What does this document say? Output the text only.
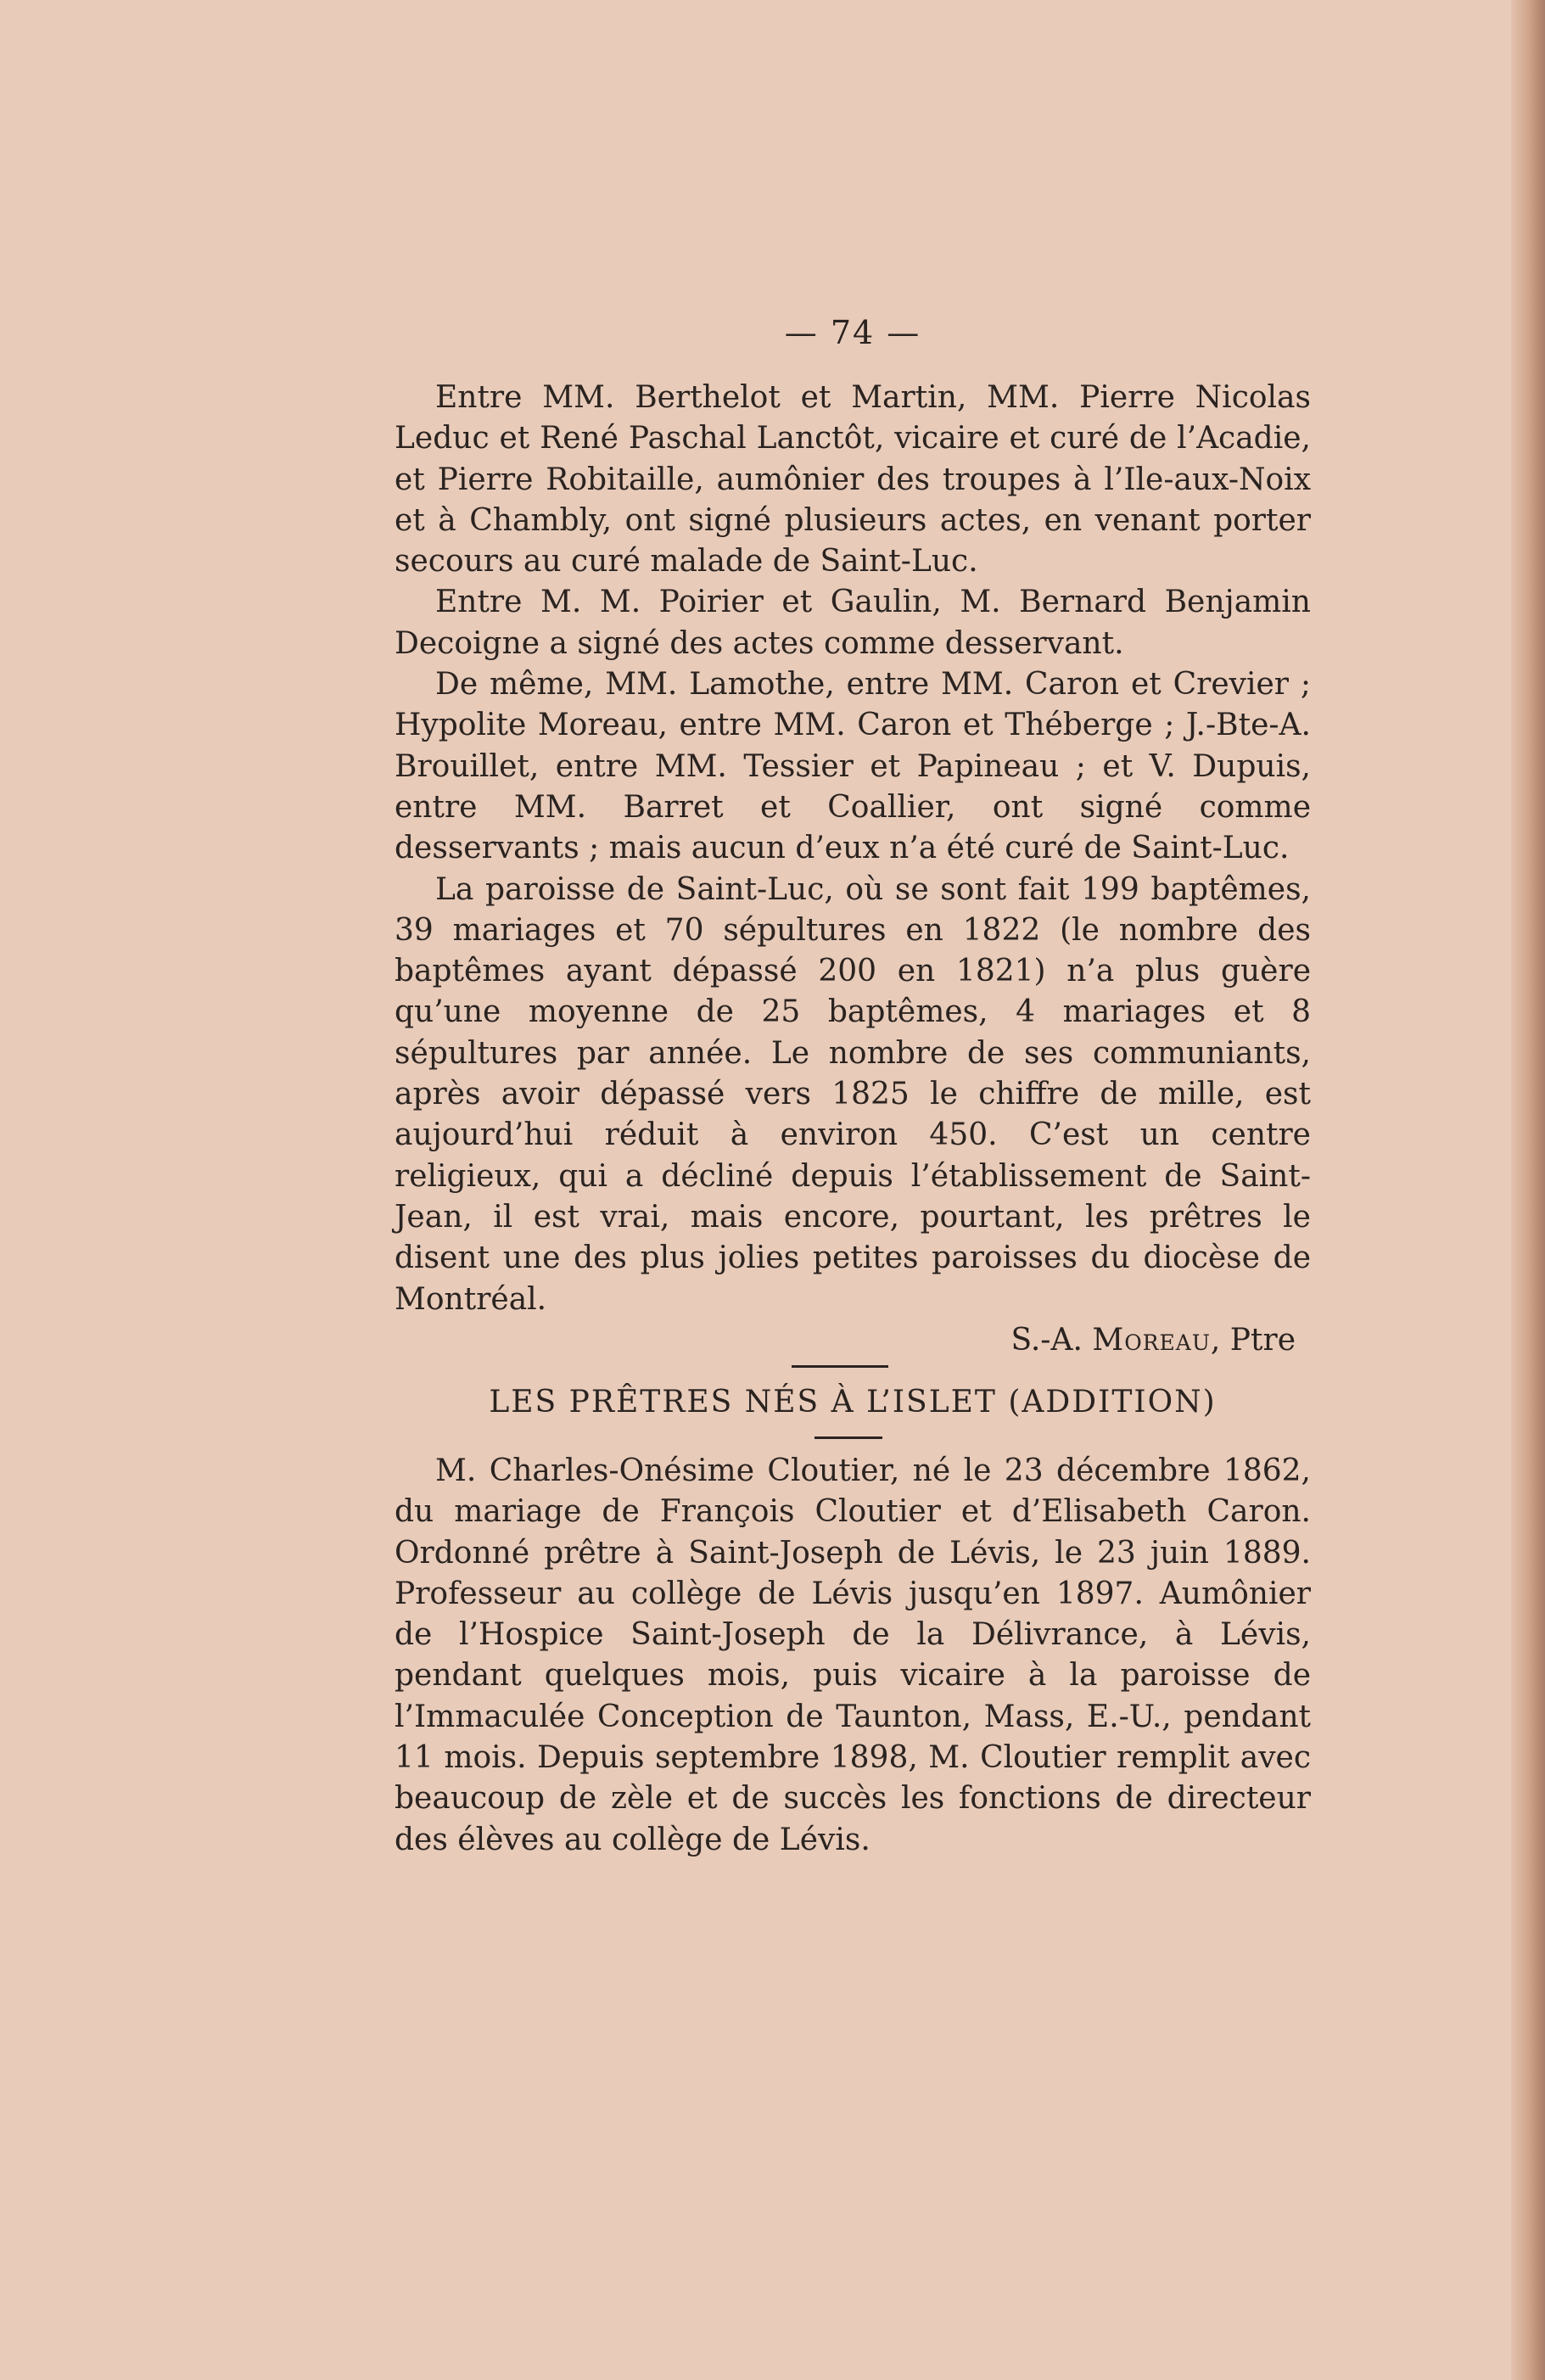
— 74 —

Entre MM. Berthelot et Martin, MM. Pierre Nicolas Leduc et René Paschal Lanctôt, vicaire et curé de l’Acadie, et Pierre Robitaille, aumônier des troupes à l’Ile-aux-Noix et à Chambly, ont signé plusieurs actes, en venant porter secours au curé malade de Saint-Luc.

Entre M. M. Poirier et Gaulin, M. Bernard Benjamin Decoigne a signé des actes comme desservant.

De même, MM. Lamothe, entre MM. Caron et Crevier ; Hypolite Moreau, entre MM. Caron et Théberge ; J.-Bte-A. Brouillet, entre MM. Tessier et Papineau ; et V. Dupuis, entre MM. Barret et Coallier, ont signé comme desservants ; mais aucun d’eux n’a été curé de Saint-Luc.

La paroisse de Saint-Luc, où se sont fait 199 baptêmes, 39 mariages et 70 sépultures en 1822 (le nombre des baptêmes ayant dépassé 200 en 1821) n’a plus guère qu’une moyenne de 25 baptêmes, 4 mariages et 8 sépultures par année. Le nombre de ses communiants, après avoir dépassé vers 1825 le chiffre de mille, est aujourd’hui réduit à environ 450. C’est un centre religieux, qui a décliné depuis l’établissement de Saint-Jean, il est vrai, mais encore, pourtant, les prêtres le disent une des plus jolies petites paroisses du diocèse de Montréal.

S.-A. Moreau, Ptre
LES PRÊTRES NÉS À L’ISLET (ADDITION)

M. Charles-Onésime Cloutier, né le 23 décembre 1862, du mariage de François Cloutier et d’Elisabeth Caron. Ordonné prêtre à Saint-Joseph de Lévis, le 23 juin 1889. Professeur au collège de Lévis jusqu’en 1897. Aumônier de l’Hospice Saint-Joseph de la Délivrance, à Lévis, pendant quelques mois, puis vicaire à la paroisse de l’Immaculée Conception de Taunton, Mass, E.-U., pendant 11 mois. Depuis septembre 1898, M. Cloutier remplit avec beaucoup de zèle et de succès les fonctions de directeur des élèves au collège de Lévis.
